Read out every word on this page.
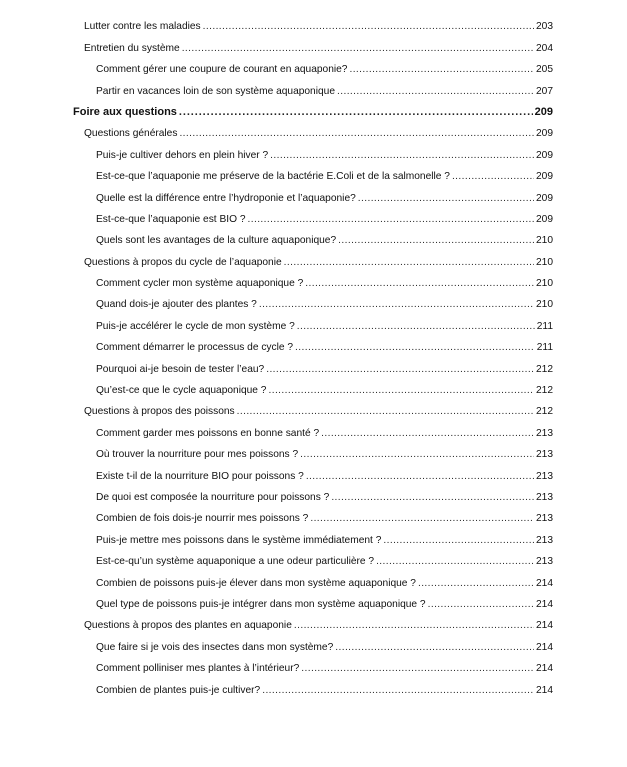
Lutter contre les maladies .....	203
Entretien du système .....	204
Comment gérer une coupure de courant en aquaponie? .....	205
Partir en vacances loin de son système aquaponique .....	207
Foire aux questions .....	209
Questions générales .....	209
Puis-je cultiver dehors en plein hiver ? .....	209
Est-ce-que l’aquaponie me préserve de la bactérie E.Coli et de la salmonelle ? .....	209
Quelle est la différence entre l’hydroponie et l’aquaponie? .....	209
Est-ce-que l’aquaponie est BIO ? .....	209
Quels sont les avantages de la culture aquaponique? .....	210
Questions à propos du cycle de l’aquaponie .....	210
Comment cycler mon système aquaponique ? .....	210
Quand dois-je ajouter des plantes ? .....	210
Puis-je accélérer le cycle de mon système ? .....	211
Comment démarrer le processus de cycle ? .....	211
Pourquoi ai-je besoin de tester l’eau? .....	212
Qu’est-ce que le cycle aquaponique ? .....	212
Questions à propos des poissons .....	212
Comment garder mes poissons en bonne santé ? .....	213
Où trouver la nourriture pour mes poissons ? .....	213
Existe t-il de la nourriture BIO pour poissons ? .....	213
De quoi est composée la nourriture pour poissons ? .....	213
Combien de fois dois-je nourrir mes poissons ? .....	213
Puis-je mettre mes poissons dans le système immédiatement ? .....	213
Est-ce-qu’un système aquaponique a une odeur particulière ? .....	213
Combien de poissons puis-je élever dans mon système aquaponique ? .....	214
Quel type de poissons puis-je intégrer dans mon système aquaponique ? .....	214
Questions à propos des plantes en aquaponie .....	214
Que faire si je vois des insectes dans mon système? .....	214
Comment polliniser mes plantes à l’intérieur? .....	214
Combien de plantes puis-je cultiver? .....	214
